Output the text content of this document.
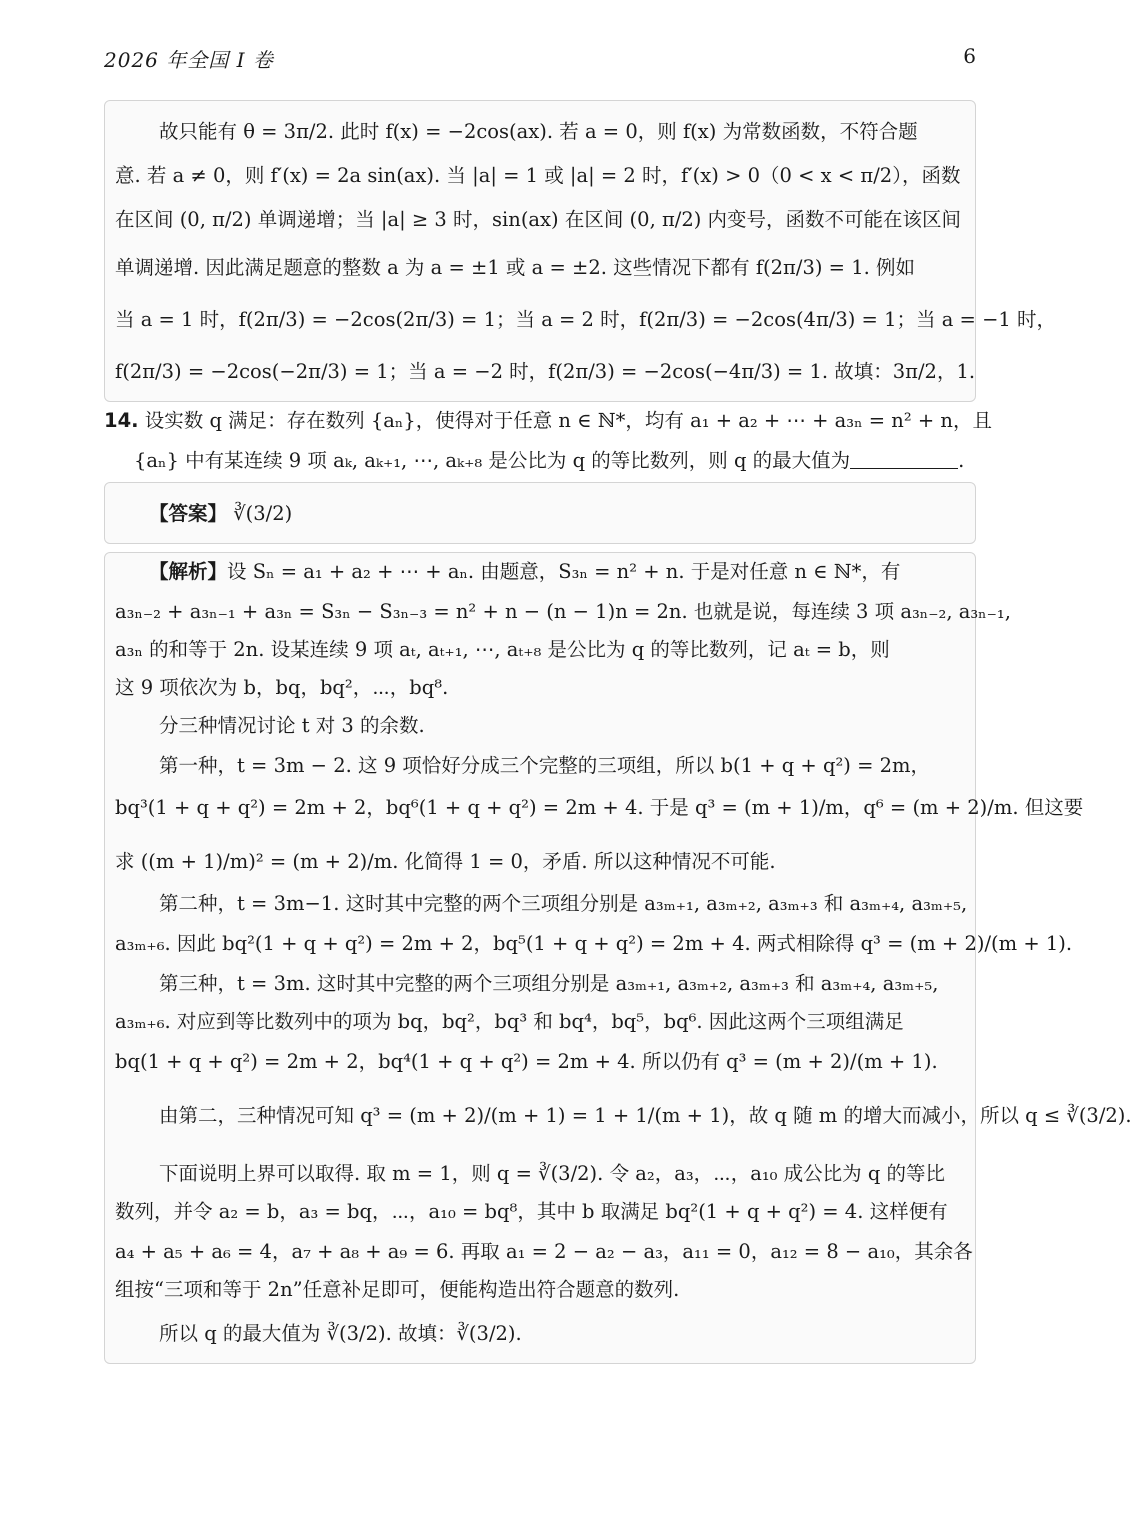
2026 年全国 I 卷	6
故只能有 θ = 3π/2. 此时 f(x) = −2cos(ax). 若 a = 0，则 f(x) 为常数函数，不符合题
意. 若 a ≠ 0，则 f′(x) = 2a sin(ax). 当 |a| = 1 或 |a| = 2 时，f′(x) > 0（0 < x < π/2），函数
在区间 (0, π/2) 单调递增；当 |a| ≥ 3 时，sin(ax) 在区间 (0, π/2) 内变号，函数不可能在该区间
单调递增. 因此满足题意的整数 a 为 a = ±1 或 a = ±2. 这些情况下都有 f(2π/3) = 1. 例如
当 a = 1 时，f(2π/3) = −2cos(2π/3) = 1；当 a = 2 时，f(2π/3) = −2cos(4π/3) = 1；当 a = −1 时，
f(2π/3) = −2cos(−2π/3) = 1；当 a = −2 时，f(2π/3) = −2cos(−4π/3) = 1. 故填：3π/2，1.
14. 设实数 q 满足：存在数列 {aₙ}，使得对于任意 n ∈ ℕ*，均有 a₁ + a₂ + ⋯ + a₃ₙ = n² + n，且
{aₙ} 中有某连续 9 项 aₖ, aₖ₊₁, ⋯, aₖ₊₈ 是公比为 q 的等比数列，则 q 的最大值为	.
【答案】 ∛(3/2)
【解析】设 Sₙ = a₁ + a₂ + ⋯ + aₙ. 由题意，S₃ₙ = n² + n. 于是对任意 n ∈ ℕ*，有
a₃ₙ₋₂ + a₃ₙ₋₁ + a₃ₙ = S₃ₙ − S₃ₙ₋₃ = n² + n − (n − 1)n = 2n. 也就是说，每连续 3 项 a₃ₙ₋₂, a₃ₙ₋₁,
a₃ₙ 的和等于 2n. 设某连续 9 项 aₜ, aₜ₊₁, ⋯, aₜ₊₈ 是公比为 q 的等比数列，记 aₜ = b，则
这 9 项依次为 b，bq，bq²，⋯，bq⁸.
分三种情况讨论 t 对 3 的余数.
第一种，t = 3m − 2. 这 9 项恰好分成三个完整的三项组，所以 b(1 + q + q²) = 2m，
bq³(1 + q + q²) = 2m + 2，bq⁶(1 + q + q²) = 2m + 4. 于是 q³ = (m + 1)/m，q⁶ = (m + 2)/m. 但这要
求 ((m + 1)/m)² = (m + 2)/m. 化简得 1 = 0，矛盾. 所以这种情况不可能.
第二种，t = 3m−1. 这时其中完整的两个三项组分别是 a₃ₘ₊₁, a₃ₘ₊₂, a₃ₘ₊₃ 和 a₃ₘ₊₄, a₃ₘ₊₅,
a₃ₘ₊₆. 因此 bq²(1 + q + q²) = 2m + 2，bq⁵(1 + q + q²) = 2m + 4. 两式相除得 q³ = (m + 2)/(m + 1).
第三种，t = 3m. 这时其中完整的两个三项组分别是 a₃ₘ₊₁, a₃ₘ₊₂, a₃ₘ₊₃ 和 a₃ₘ₊₄, a₃ₘ₊₅,
a₃ₘ₊₆. 对应到等比数列中的项为 bq，bq²，bq³ 和 bq⁴，bq⁵，bq⁶. 因此这两个三项组满足
bq(1 + q + q²) = 2m + 2，bq⁴(1 + q + q²) = 2m + 4. 所以仍有 q³ = (m + 2)/(m + 1).
由第二，三种情况可知 q³ = (m + 2)/(m + 1) = 1 + 1/(m + 1)，故 q 随 m 的增大而减小，所以 q ≤ ∛(3/2).
下面说明上界可以取得. 取 m = 1，则 q = ∛(3/2). 令 a₂，a₃，⋯，a₁₀ 成公比为 q 的等比
数列，并令 a₂ = b，a₃ = bq，⋯，a₁₀ = bq⁸，其中 b 取满足 bq²(1 + q + q²) = 4. 这样便有
a₄ + a₅ + a₆ = 4，a₇ + a₈ + a₉ = 6. 再取 a₁ = 2 − a₂ − a₃，a₁₁ = 0，a₁₂ = 8 − a₁₀，其余各
组按“三项和等于 2n”任意补足即可，便能构造出符合题意的数列.
所以 q 的最大值为 ∛(3/2). 故填：∛(3/2).
